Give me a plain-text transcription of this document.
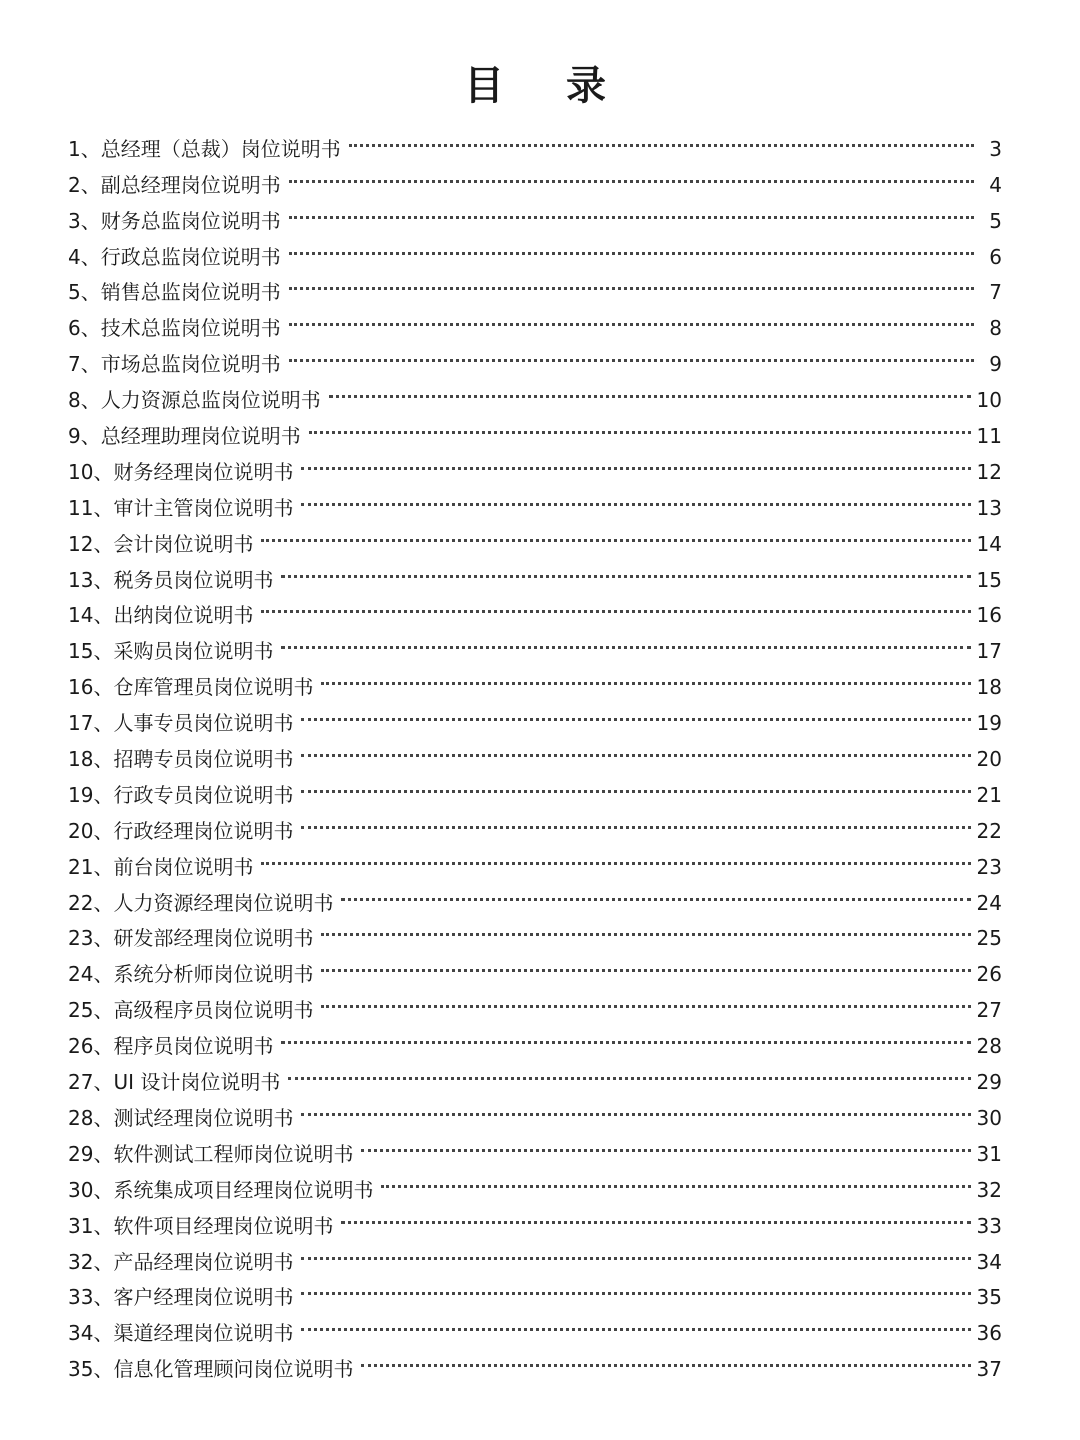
目 录
1、 总经理（总裁）岗位说明书	3
2、 副总经理岗位说明书	4
3、 财务总监岗位说明书	5
4、 行政总监岗位说明书	6
5、 销售总监岗位说明书	7
6、 技术总监岗位说明书	8
7、 市场总监岗位说明书	9
8、 人力资源总监岗位说明书	10
9、 总经理助理岗位说明书	11
10、 财务经理岗位说明书	12
11、 审计主管岗位说明书	13
12、 会计岗位说明书	14
13、 税务员岗位说明书	15
14、 出纳岗位说明书	16
15、 采购员岗位说明书	17
16、 仓库管理员岗位说明书	18
17、 人事专员岗位说明书	19
18、 招聘专员岗位说明书	20
19、 行政专员岗位说明书	21
20、 行政经理岗位说明书	22
21、 前台岗位说明书	23
22、 人力资源经理岗位说明书	24
23、 研发部经理岗位说明书	25
24、 系统分析师岗位说明书	26
25、 高级程序员岗位说明书	27
26、 程序员岗位说明书	28
27、 UI 设计岗位说明书	29
28、 测试经理岗位说明书	30
29、 软件测试工程师岗位说明书	31
30、 系统集成项目经理岗位说明书	32
31、 软件项目经理岗位说明书	33
32、 产品经理岗位说明书	34
33、 客户经理岗位说明书	35
34、 渠道经理岗位说明书	36
35、 信息化管理顾问岗位说明书	37
